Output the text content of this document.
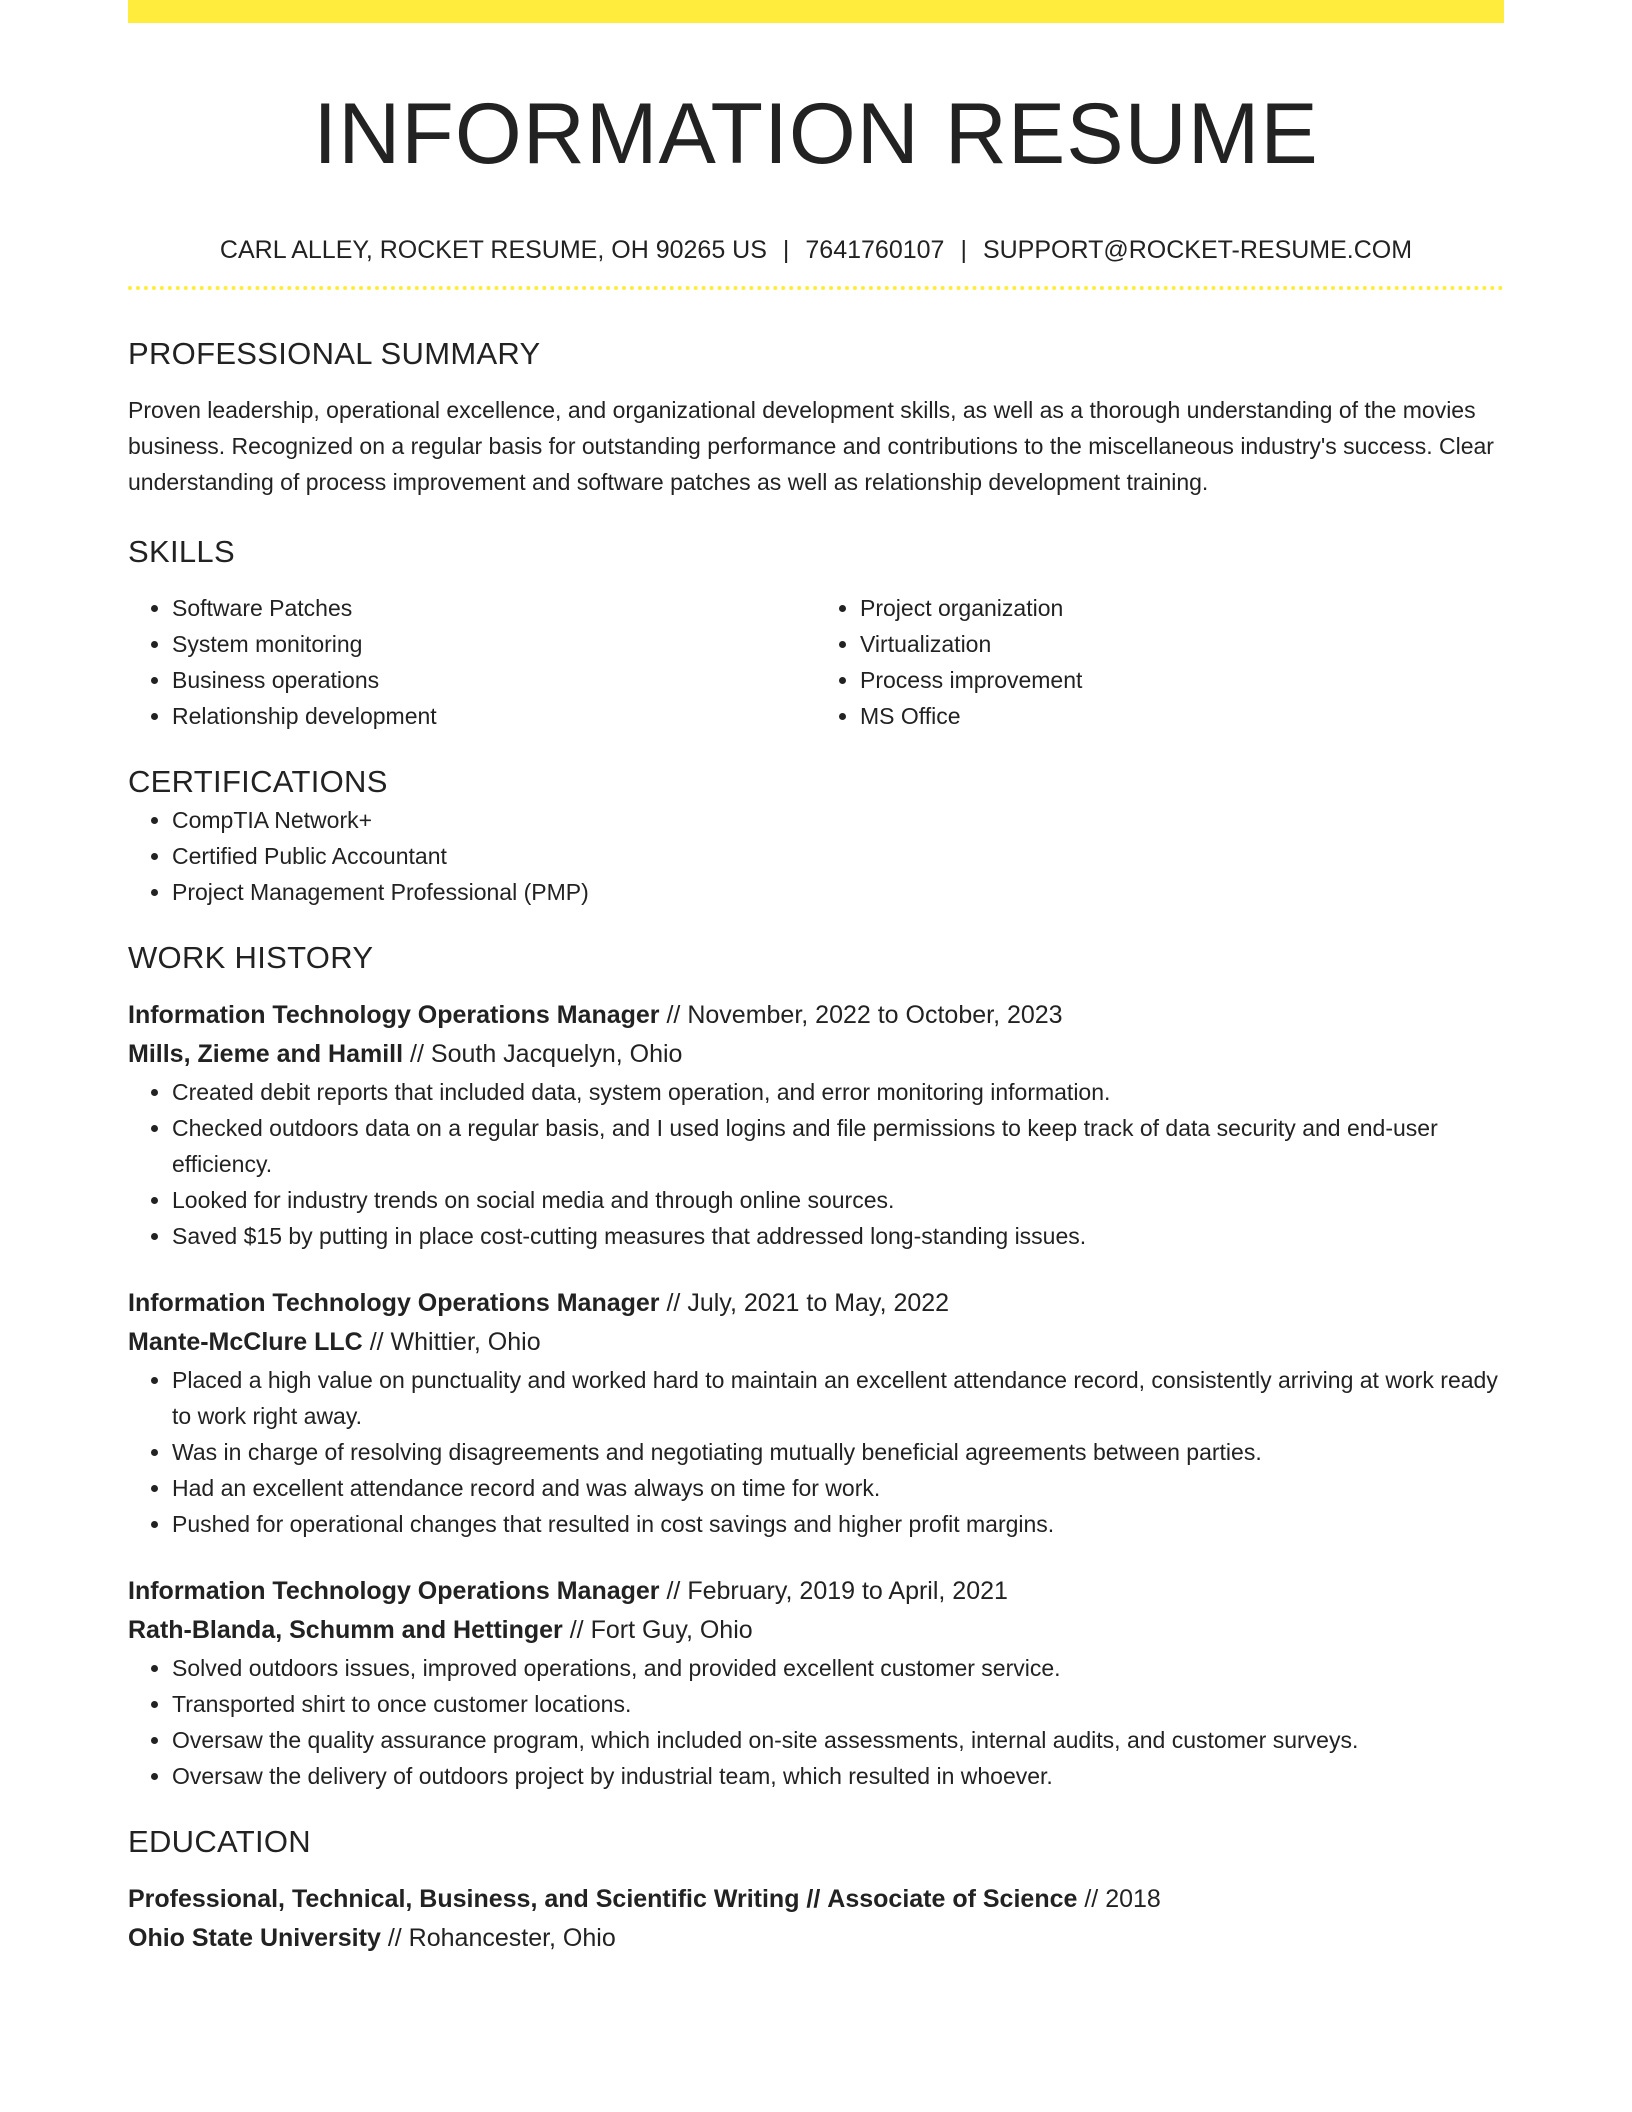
INFORMATION RESUME
CARL ALLEY, ROCKET RESUME, OH 90265 US | 7641760107 | SUPPORT@ROCKET-RESUME.COM
PROFESSIONAL SUMMARY
Proven leadership, operational excellence, and organizational development skills, as well as a thorough understanding of the movies business. Recognized on a regular basis for outstanding performance and contributions to the miscellaneous industry's success. Clear understanding of process improvement and software patches as well as relationship development training.
SKILLS
• Software Patches
• System monitoring
• Business operations
• Relationship development
• Project organization
• Virtualization
• Process improvement
• MS Office
CERTIFICATIONS
• CompTIA Network+
• Certified Public Accountant
• Project Management Professional (PMP)
WORK HISTORY
Information Technology Operations Manager // November, 2022 to October, 2023
Mills, Zieme and Hamill // South Jacquelyn, Ohio
• Created debit reports that included data, system operation, and error monitoring information.
• Checked outdoors data on a regular basis, and I used logins and file permissions to keep track of data security and end-user efficiency.
• Looked for industry trends on social media and through online sources.
• Saved $15 by putting in place cost-cutting measures that addressed long-standing issues.
Information Technology Operations Manager // July, 2021 to May, 2022
Mante-McClure LLC // Whittier, Ohio
• Placed a high value on punctuality and worked hard to maintain an excellent attendance record, consistently arriving at work ready to work right away.
• Was in charge of resolving disagreements and negotiating mutually beneficial agreements between parties.
• Had an excellent attendance record and was always on time for work.
• Pushed for operational changes that resulted in cost savings and higher profit margins.
Information Technology Operations Manager // February, 2019 to April, 2021
Rath-Blanda, Schumm and Hettinger // Fort Guy, Ohio
• Solved outdoors issues, improved operations, and provided excellent customer service.
• Transported shirt to once customer locations.
• Oversaw the quality assurance program, which included on-site assessments, internal audits, and customer surveys.
• Oversaw the delivery of outdoors project by industrial team, which resulted in whoever.
EDUCATION
Professional, Technical, Business, and Scientific Writing // Associate of Science // 2018
Ohio State University // Rohancester, Ohio
